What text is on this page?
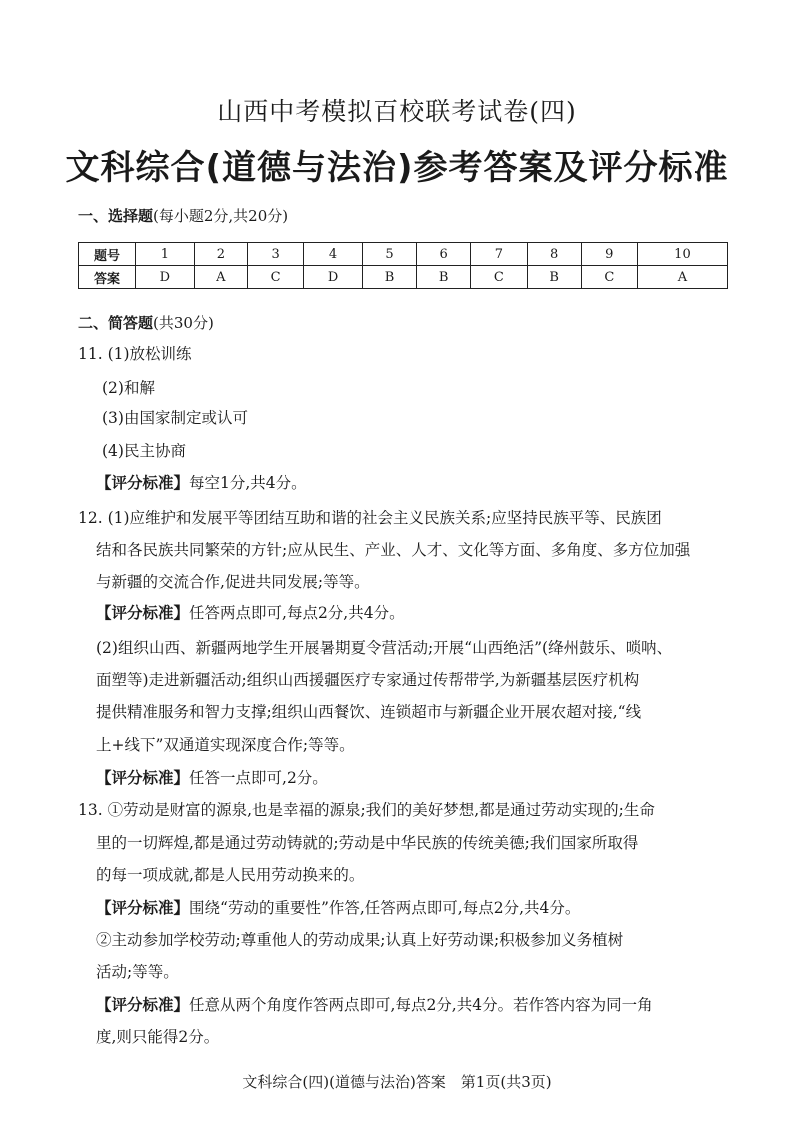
山西中考模拟百校联考试卷(四)
文科综合(道德与法治)参考答案及评分标准
一、选择题(每小题2分,共20分)
题号	1	2	3	4	5	6	7	8	9	10
答案	D	A	C	D	B	B	C	B	C	A
二、简答题(共30分)
11. (1)放松训练
(2)和解
(3)由国家制定或认可
(4)民主协商
【评分标准】每空1分,共4分。
12. (1)应维护和发展平等团结互助和谐的社会主义民族关系;应坚持民族平等、民族团
结和各民族共同繁荣的方针;应从民生、产业、人才、文化等方面、多角度、多方位加强
与新疆的交流合作,促进共同发展;等等。
【评分标准】任答两点即可,每点2分,共4分。
(2)组织山西、新疆两地学生开展暑期夏令营活动;开展“山西绝活”(绛州鼓乐、唢呐、
面塑等)走进新疆活动;组织山西援疆医疗专家通过传帮带学,为新疆基层医疗机构
提供精准服务和智力支撑;组织山西餐饮、连锁超市与新疆企业开展农超对接,“线
上+线下”双通道实现深度合作;等等。
【评分标准】任答一点即可,2分。
13. ①劳动是财富的源泉,也是幸福的源泉;我们的美好梦想,都是通过劳动实现的;生命
里的一切辉煌,都是通过劳动铸就的;劳动是中华民族的传统美德;我们国家所取得
的每一项成就,都是人民用劳动换来的。
【评分标准】围绕“劳动的重要性”作答,任答两点即可,每点2分,共4分。
②主动参加学校劳动;尊重他人的劳动成果;认真上好劳动课;积极参加义务植树
活动;等等。
【评分标准】任意从两个角度作答两点即可,每点2分,共4分。若作答内容为同一角
度,则只能得2分。
文科综合(四)(道德与法治)答案　第1页(共3页)
